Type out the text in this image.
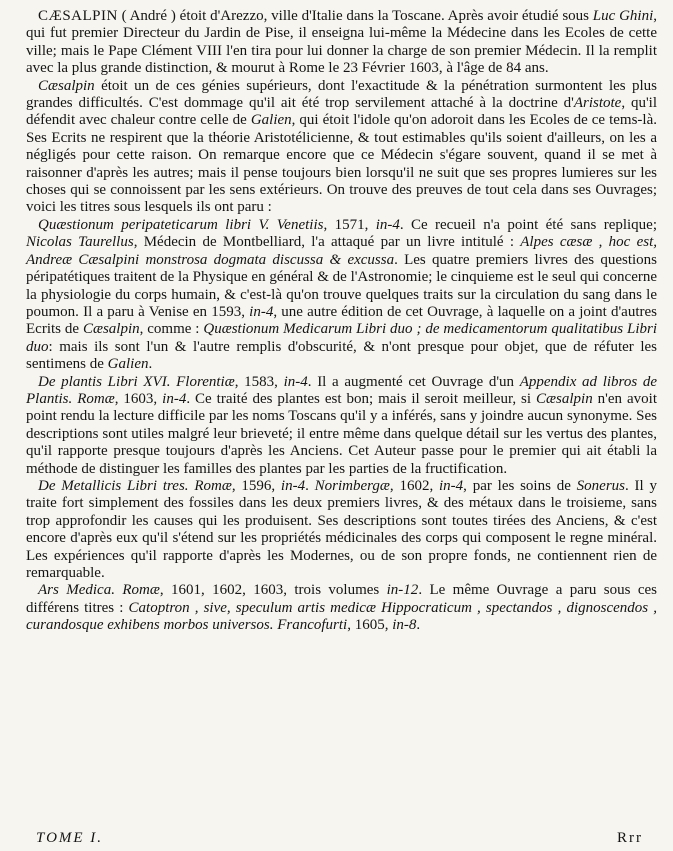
CÆSALPIN ( André ) étoit d'Arezzo, ville d'Italie dans la Toscane. Après avoir étudié sous Luc Ghini, qui fut premier Directeur du Jardin de Pise, il enseigna lui-même la Médecine dans les Ecoles de cette ville; mais le Pape Clément VIII l'en tira pour lui donner la charge de son premier Médecin. Il la remplit avec la plus grande distinction, & mourut à Rome le 23 Février 1603, à l'âge de 84 ans.

Cæsalpin étoit un de ces génies supérieurs, dont l'exactitude & la pénétration surmontent les plus grandes difficultés. C'est dommage qu'il ait été trop servilement attaché à la doctrine d'Aristote, qu'il défendit avec chaleur contre celle de Galien, qui étoit l'idole qu'on adoroit dans les Ecoles de ce tems-là. Ses Ecrits ne respirent que la théorie Aristotélicienne, & tout estimables qu'ils soient d'ailleurs, on les a négligés pour cette raison. On remarque encore que ce Médecin s'égare souvent, quand il se met à raisonner d'après les autres; mais il pense toujours bien lorsqu'il ne suit que ses propres lumieres sur les choses qui se connoissent par les sens extérieurs. On trouve des preuves de tout cela dans ses Ouvrages; voici les titres sous lesquels ils ont paru :

Quæstionum peripateticarum libri V. Venetiis, 1571, in-4. Ce recueil n'a point été sans replique; Nicolas Taurellus, Médecin de Montbelliard, l'a attaqué par un livre intitulé : Alpes cæsæ , hoc est, Andreæ Cæsalpini monstrosa dogmata discussa & excussa. Les quatre premiers livres des questions péripatétiques traitent de la Physique en général & de l'Astronomie; le cinquieme est le seul qui concerne la physiologie du corps humain, & c'est-là qu'on trouve quelques traits sur la circulation du sang dans le poumon. Il a paru à Venise en 1593, in-4, une autre édition de cet Ouvrage, à laquelle on a joint d'autres Ecrits de Cæsalpin, comme : Quæstionum Medicarum Libri duo ; de medicamentorum qualitatibus Libri duo: mais ils sont l'un & l'autre remplis d'obscurité, & n'ont presque pour objet, que de réfuter les sentimens de Galien.

De plantis Libri XVI. Florentiæ, 1583, in-4. Il a augmenté cet Ouvrage d'un Appendix ad libros de Plantis. Romæ, 1603, in-4. Ce traité des plantes est bon; mais il seroit meilleur, si Cæsalpin n'en avoit point rendu la lecture difficile par les noms Toscans qu'il y a inférés, sans y joindre aucun synonyme. Ses descriptions sont utiles malgré leur brieveté; il entre même dans quelque détail sur les vertus des plantes, qu'il rapporte presque toujours d'après les Anciens. Cet Auteur passe pour le premier qui ait établi la méthode de distinguer les familles des plantes par les parties de la fructification.

De Metallicis Libri tres. Romæ, 1596, in-4. Norimbergæ, 1602, in-4, par les soins de Sonerus. Il y traite fort simplement des fossiles dans les deux premiers livres, & des métaux dans le troisieme, sans trop approfondir les causes qui les produisent. Ses descriptions sont toutes tirées des Anciens, & c'est encore d'après eux qu'il s'étend sur les propriétés médicinales des corps qui composent le regne minéral. Les expériences qu'il rapporte d'après les Modernes, ou de son propre fonds, ne contiennent rien de remarquable.

Ars Medica. Romæ, 1601, 1602, 1603, trois volumes in-12. Le même Ouvrage a paru sous ces différens titres : Catoptron , sive, speculum artis medicæ Hippocraticum , spectandos , dignoscendos , curandosque exhibens morbos universos. Francofurti, 1605, in-8.

TOME I.	Rrr
